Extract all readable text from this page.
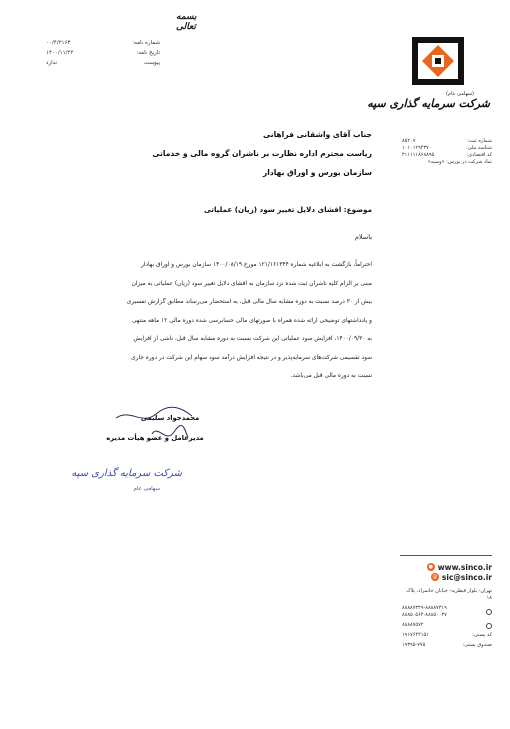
بسمه تعالی
شماره نامه:
۰۰/۴/۲۱۶۳
تاریخ نامه:
۱۴۰۰/۱۱/۲۲
پیوست
ندارد
(سهامی عام)
شرکت سرمایه گذاری سپه
شماره ثبت:
۸۵۲۰۷
شناسه ملی:
۱۰۱۰۱۲۹۴۳۷۰
کد اقتصادی:
۴۱۱۱۱۱۸۶۸۸۹۵
نماد شرکت در بورس: «وسپه»
● www.sinco.ir
@ sic@sinco.ir
تهران- بلوار قیطریه- خیابان جانمراد، پلاک ۱۸
۸۸۸۸۷۳۴۹-۸۸۸۸۷۳۱۹
۸۸۸۵۰۵۶۴-۸۸۸۵۰۰۳۷
۸۸۸۸۷۵۷۲
کد پستی:
۱۹۱۷۶۴۴۱۵۱
صندوق پستی:
۱۹۳۹۵-۷۷۵
جناب آقای واشقانی فراهانی
ریاست محترم اداره نظارت بر ناشران گروه مالی و خدماتی
سازمان بورس و اوراق بهادار
موضوع: افشای دلایل تغییر سود (زیان) عملیاتی
باسلام
احتراماً، بازگشت به ابلاغیه شماره ۱۲۱/۱۶۱۳۴۴ مورخ ۱۴۰۰/۰۸/۱۹ سازمان بورس و اوراق بهادار
مبنی بر الزام کلیه ناشران ثبت شده نزد سازمان به افشای دلایل تغییر سود (زیان) عملیاتی به میزان
بیش از ۳۰ درصد نسبت به دوره مشابه سال مالی قبل، به استحضار می‌رساند مطابق گزارش تفسیری
و یادداشتهای توضیحی ارائه شده همراه با صورتهای مالی حسابرسی شده دوره مالی ۱۲ ماهه منتهی
به ۱۴۰۰/۰۹/۳۰، افزایش سود عملیاتی این شرکت نسبت به دوره مشابه سال قبل، ناشی از افزایش
سود تقسیمی شرکت‌های سرمایه‌پذیر و در نتیجه افزایش درآمد سود سهام این شرکت در دوره جاری
نسبت به دوره مالی قبل می‌باشد.
محمدجواد سلیمی
مدیرعامل و عضو هیأت مدیره
شرکت سرمایه گذاری سپه
سهامی عام
